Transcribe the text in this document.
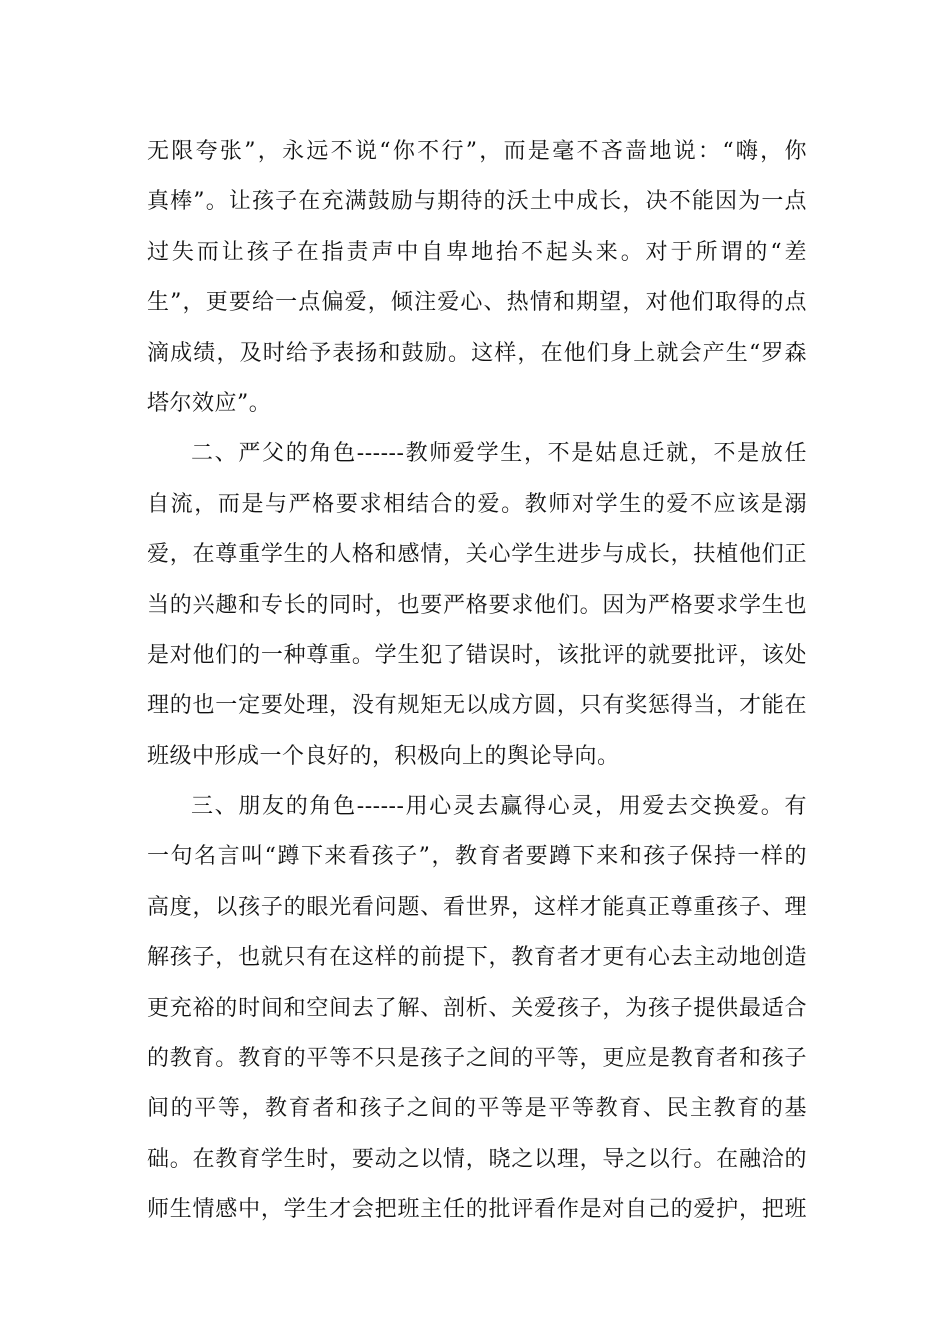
无限夸张”，永远不说“你不行”，而是毫不吝啬地说：“嗨，你
真棒”。让孩子在充满鼓励与期待的沃土中成长，决不能因为一点
过失而让孩子在指责声中自卑地抬不起头来。对于所谓的“差
生”，更要给一点偏爱，倾注爱心、热情和期望，对他们取得的点
滴成绩，及时给予表扬和鼓励。这样，在他们身上就会产生“罗森
塔尔效应”。
二、严父的角色------教师爱学生，不是姑息迁就，不是放任
自流，而是与严格要求相结合的爱。教师对学生的爱不应该是溺
爱，在尊重学生的人格和感情，关心学生进步与成长，扶植他们正
当的兴趣和专长的同时，也要严格要求他们。因为严格要求学生也
是对他们的一种尊重。学生犯了错误时，该批评的就要批评，该处
理的也一定要处理，没有规矩无以成方圆，只有奖惩得当，才能在
班级中形成一个良好的，积极向上的舆论导向。
三、朋友的角色------用心灵去赢得心灵，用爱去交换爱。有
一句名言叫“蹲下来看孩子”，教育者要蹲下来和孩子保持一样的
高度，以孩子的眼光看问题、看世界，这样才能真正尊重孩子、理
解孩子，也就只有在这样的前提下，教育者才更有心去主动地创造
更充裕的时间和空间去了解、剖析、关爱孩子，为孩子提供最适合
的教育。教育的平等不只是孩子之间的平等，更应是教育者和孩子
间的平等，教育者和孩子之间的平等是平等教育、民主教育的基
础。在教育学生时，要动之以情，晓之以理，导之以行。在融洽的
师生情感中，学生才会把班主任的批评看作是对自己的爱护，把班
